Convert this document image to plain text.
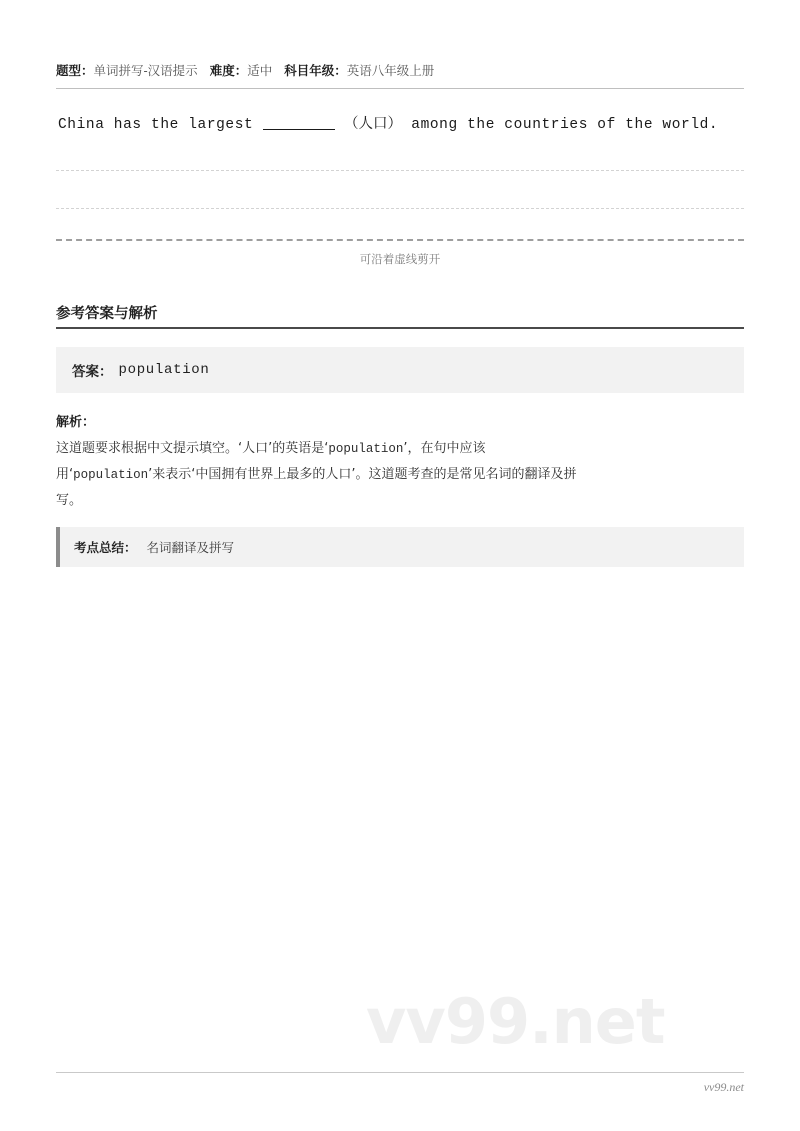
题型：单词拼写-汉语提示 难度：适中 科目年级：英语八年级上册
China has the largest	（人口） among the countries of the world.
可沿着虚线剪开
参考答案与解析
答案： population
解析：
这道题要求根据中文提示填空。‘人口’的英语是‘population’，在句中应该
用‘population’来表示‘中国拥有世界上最多的人口’。这道题考查的是常见名词的翻译及拼
写。
考点总结： 名词翻译及拼写
vv99.net
vv99.net
